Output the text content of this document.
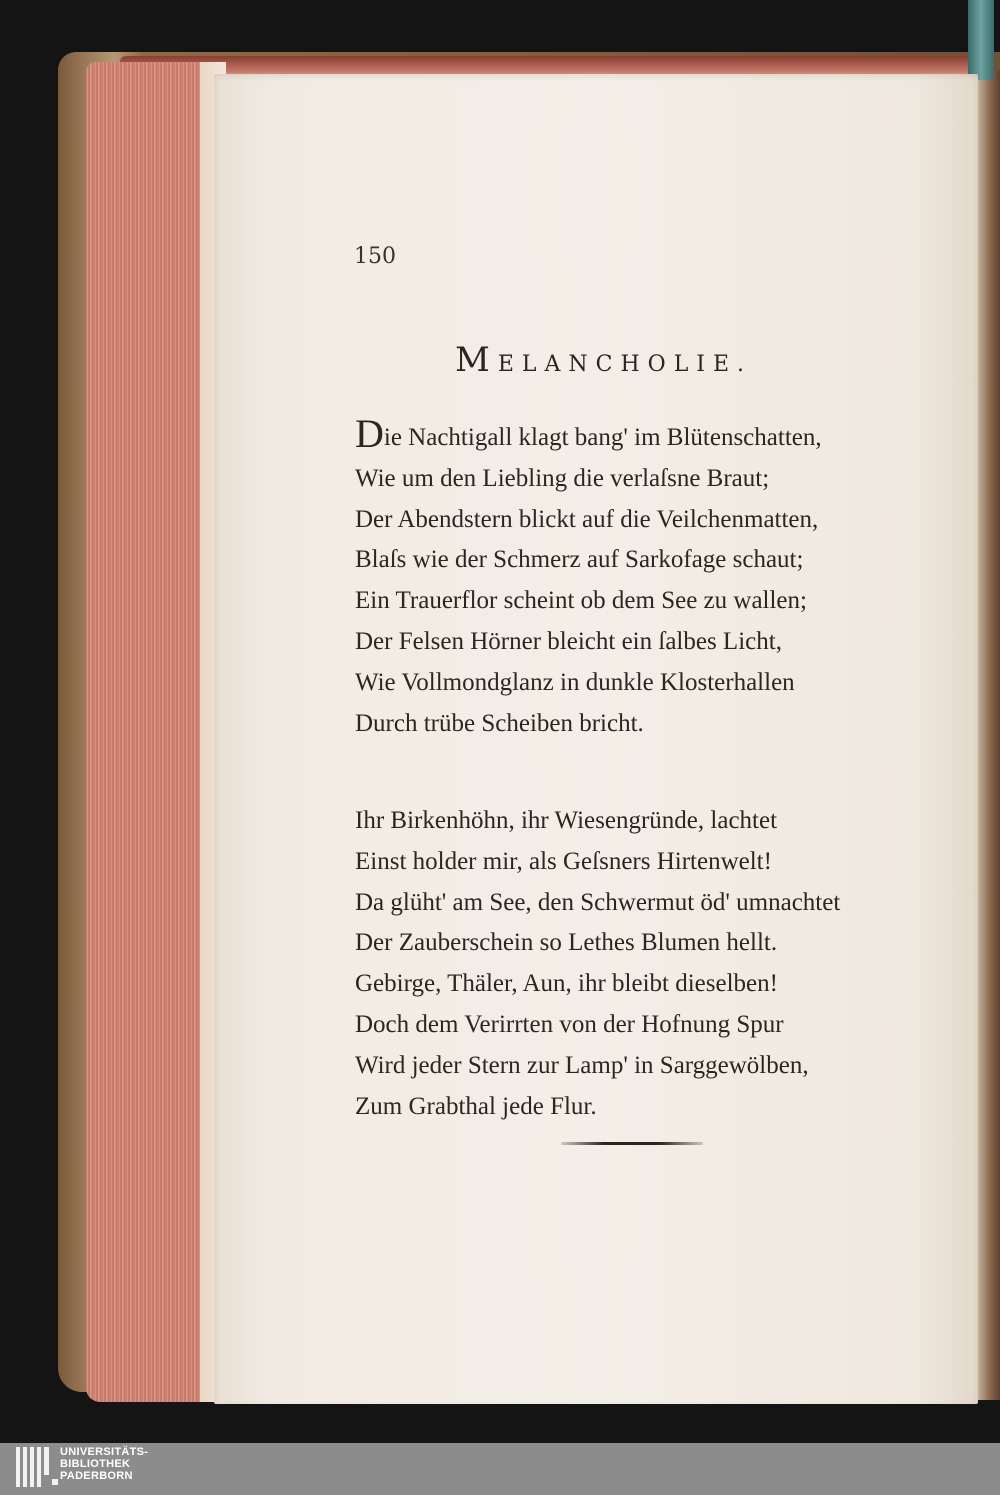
150
MELANCHOLIE.
Die Nachtigall klagt bang' im Blütenschatten,
Wie um den Liebling die verlaſsne Braut;
Der Abendstern blickt auf die Veilchenmatten,
Blaſs wie der Schmerz auf Sarkofage schaut;
Ein Trauerflor scheint ob dem See zu wallen;
Der Felsen Hörner bleicht ein ſalbes Licht,
Wie Vollmondglanz in dunkle Klosterhallen
Durch trübe Scheiben bricht.
Ihr Birkenhöhn, ihr Wiesengründe, lachtet
Einst holder mir, als Geſsners Hirtenwelt!
Da glüht' am See, den Schwermut öd' umnachtet
Der Zauberschein so Lethes Blumen hellt.
Gebirge, Thäler, Aun, ihr bleibt dieselben!
Doch dem Verirrten von der Hofnung Spur
Wird jeder Stern zur Lamp' in Sarggewölben,
Zum Grabthal jede Flur.
UNIVERSITÄTS-
BIBLIOTHEK
PADERBORN
